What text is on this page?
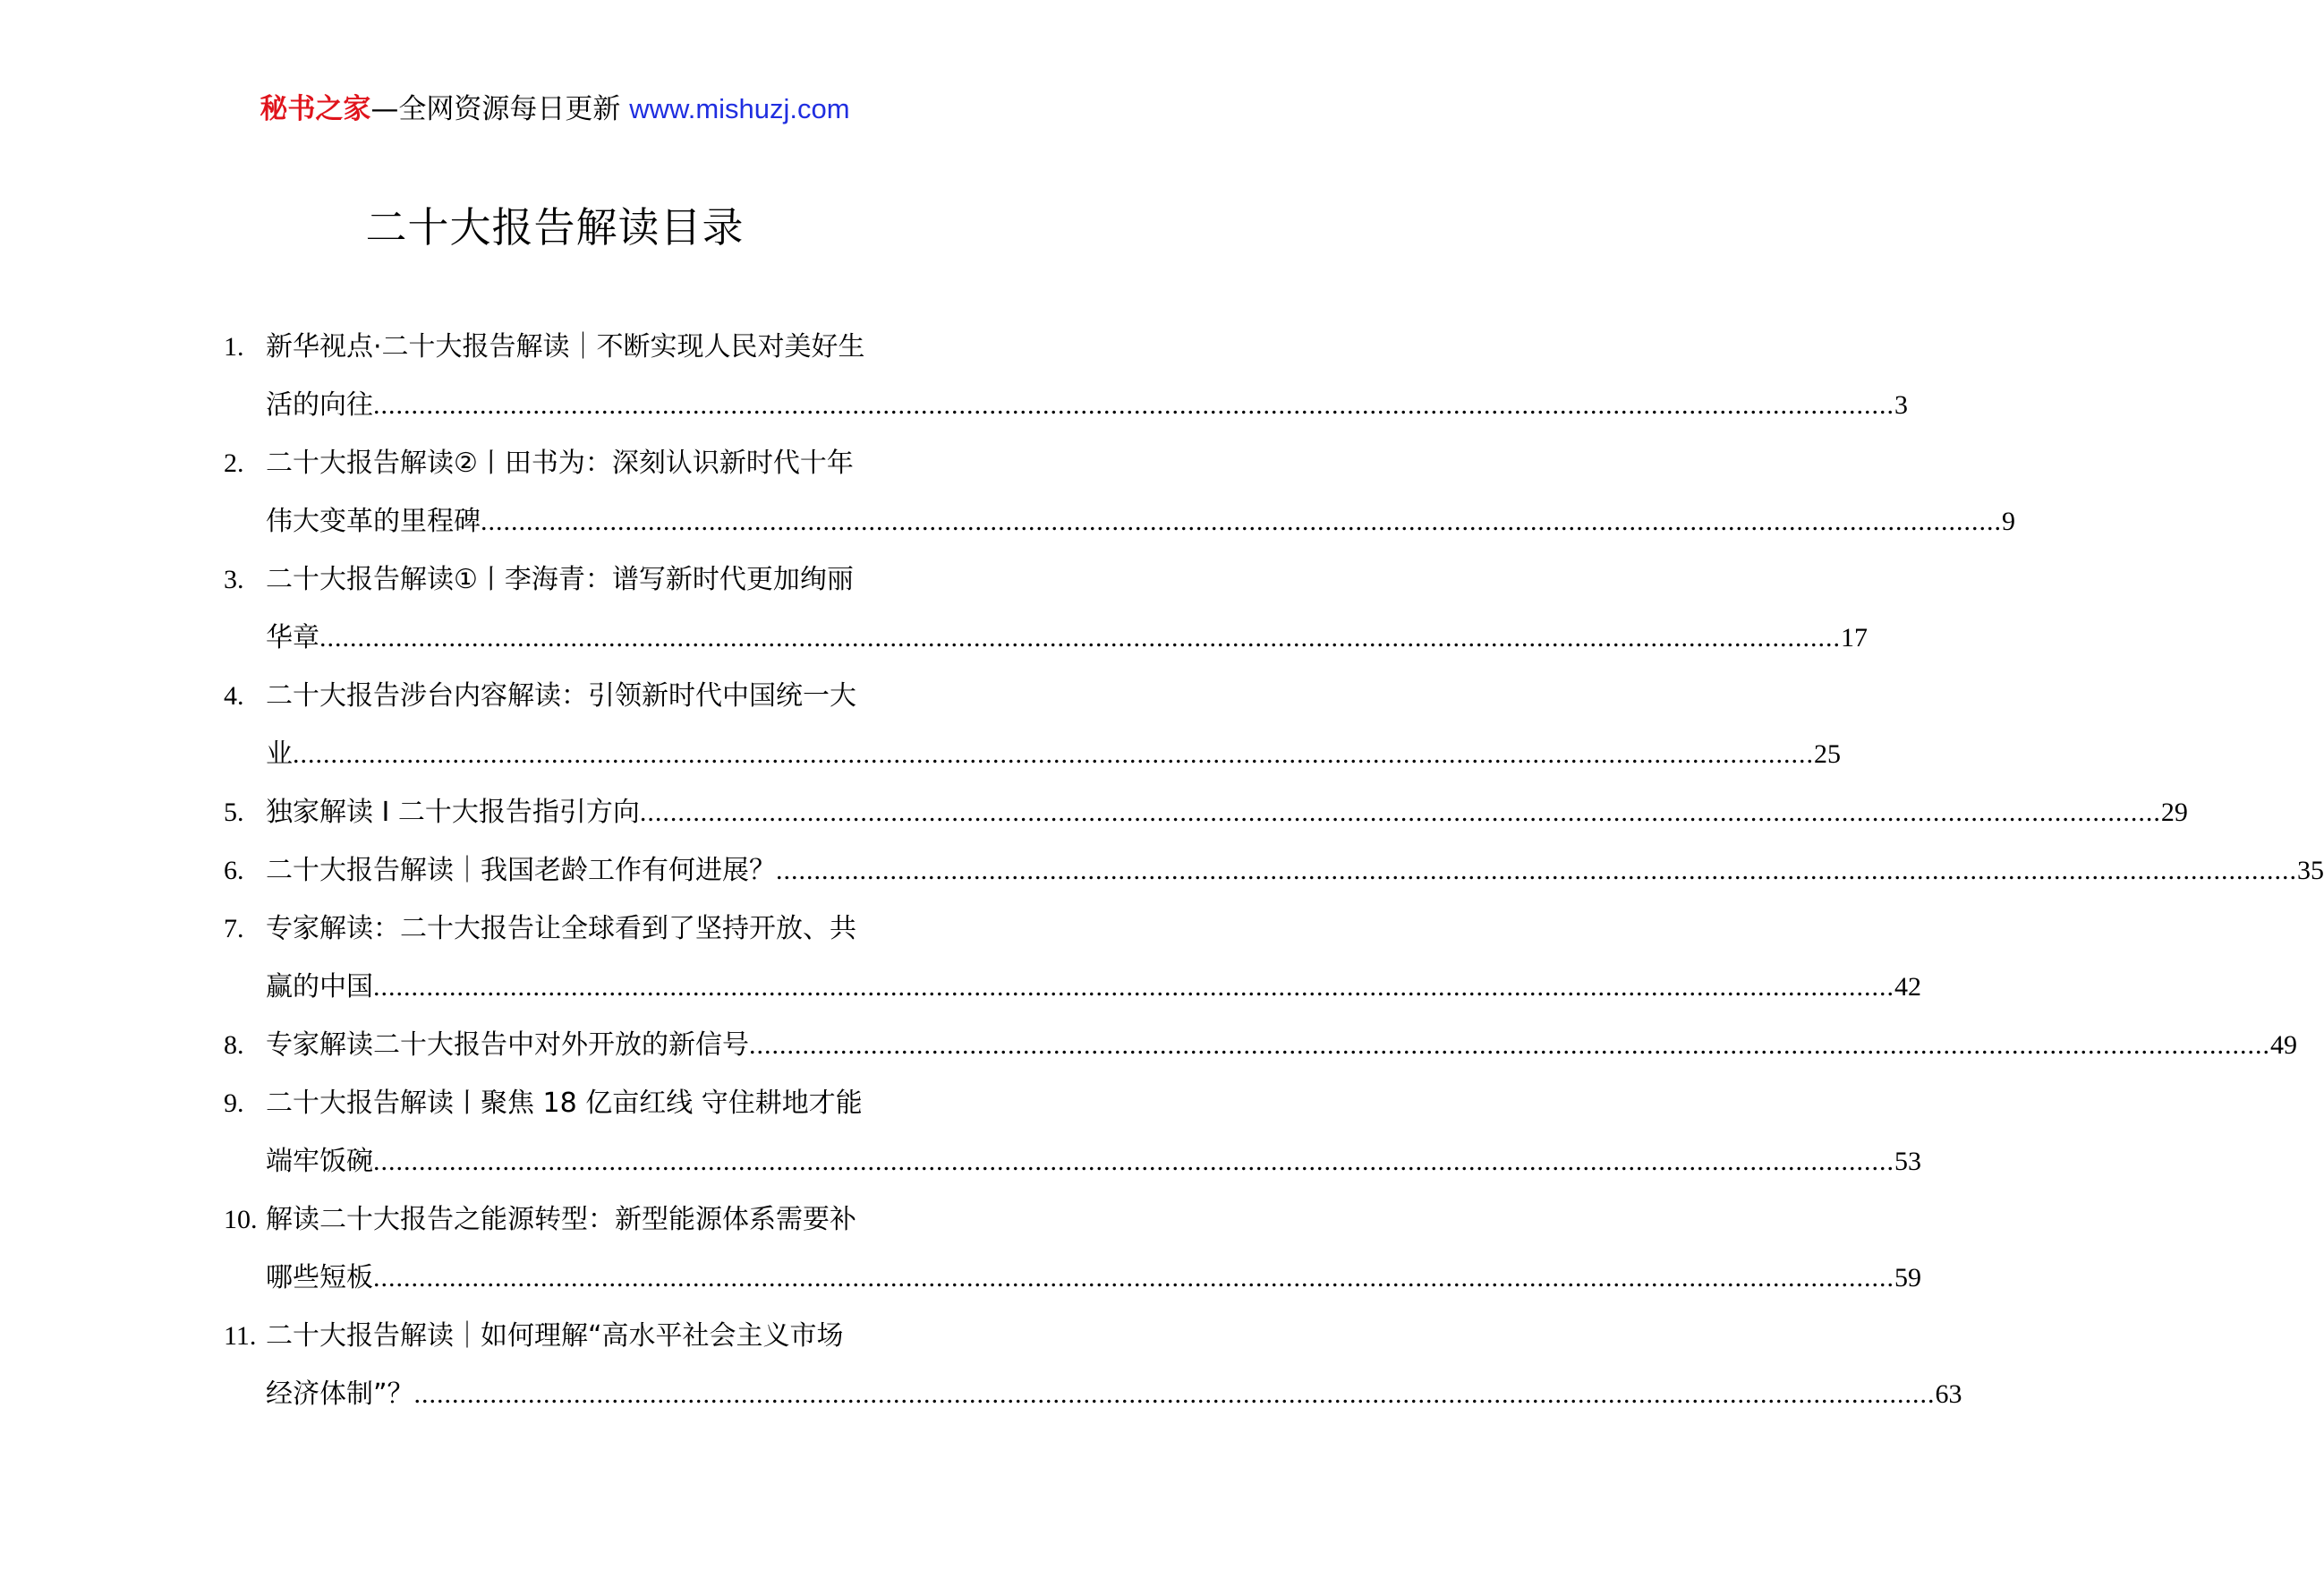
秘书之家—全网资源每日更新 www.mishuzj.com
二十大报告解读目录
1. 新华视点·二十大报告解读｜不断实现人民对美好生
活的向往 ........................................................................................................................................................................................................ 3
2. 二十大报告解读②丨田书为：深刻认识新时代十年
伟大变革的里程碑 ........................................................................................................................................................................................................ 9
3. 二十大报告解读①丨李海青：谱写新时代更加绚丽
华章 ........................................................................................................................................................................................................ 17
4. 二十大报告涉台内容解读：引领新时代中国统一大
业 ........................................................................................................................................................................................................ 25
5. 独家解读 I 二十大报告指引方向 ........................................................................................................................................................................................................ 29
6. 二十大报告解读｜我国老龄工作有何进展？ ........................................................................................................................................................................................................ 35
7. 专家解读：二十大报告让全球看到了坚持开放、共
赢的中国 ........................................................................................................................................................................................................ 42
8. 专家解读二十大报告中对外开放的新信号 ........................................................................................................................................................................................................ 49
9. 二十大报告解读丨聚焦 18 亿亩红线 守住耕地才能
端牢饭碗 ........................................................................................................................................................................................................ 53
10. 解读二十大报告之能源转型：新型能源体系需要补
哪些短板 ........................................................................................................................................................................................................ 59
11. 二十大报告解读｜如何理解“高水平社会主义市场
经济体制”？ ........................................................................................................................................................................................................ 63
